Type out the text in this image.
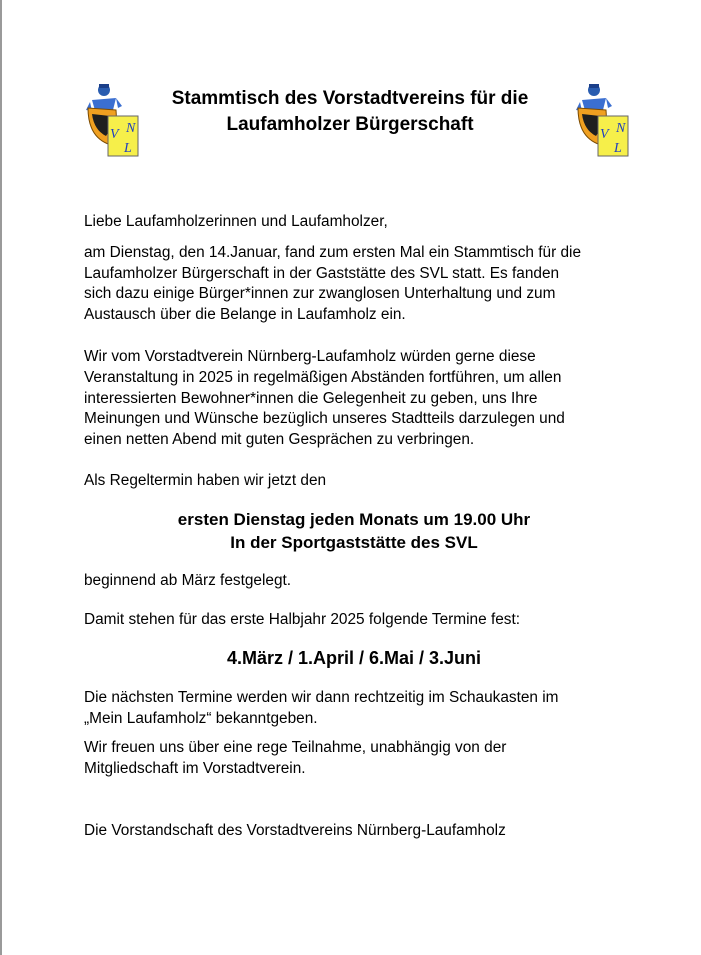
V N
L
V N
L
Stammtisch des Vorstadtvereins für die
Laufamholzer Bürgerschaft

Liebe Laufamholzerinnen und Laufamholzer,

am Dienstag, den 14.Januar, fand zum ersten Mal ein Stammtisch für die
Laufamholzer Bürgerschaft in der Gaststätte des SVL statt. Es fanden
sich dazu einige Bürger*innen zur zwanglosen Unterhaltung und zum
Austausch über die Belange in Laufamholz ein.

Wir vom Vorstadtverein Nürnberg-Laufamholz würden gerne diese
Veranstaltung in 2025 in regelmäßigen Abständen fortführen, um allen
interessierten Bewohner*innen die Gelegenheit zu geben, uns Ihre
Meinungen und Wünsche bezüglich unseres Stadtteils darzulegen und
einen netten Abend mit guten Gesprächen zu verbringen.

Als Regeltermin haben wir jetzt den

ersten Dienstag jeden Monats um 19.00 Uhr
In der Sportgaststätte des SVL

beginnend ab März festgelegt.

Damit stehen für das erste Halbjahr 2025 folgende Termine fest:

4.März / 1.April / 6.Mai / 3.Juni

Die nächsten Termine werden wir dann rechtzeitig im Schaukasten im
„Mein Laufamholz“ bekanntgeben.

Wir freuen uns über eine rege Teilnahme, unabhängig von der
Mitgliedschaft im Vorstadtverein.

Die Vorstandschaft des Vorstadtvereins Nürnberg-Laufamholz
